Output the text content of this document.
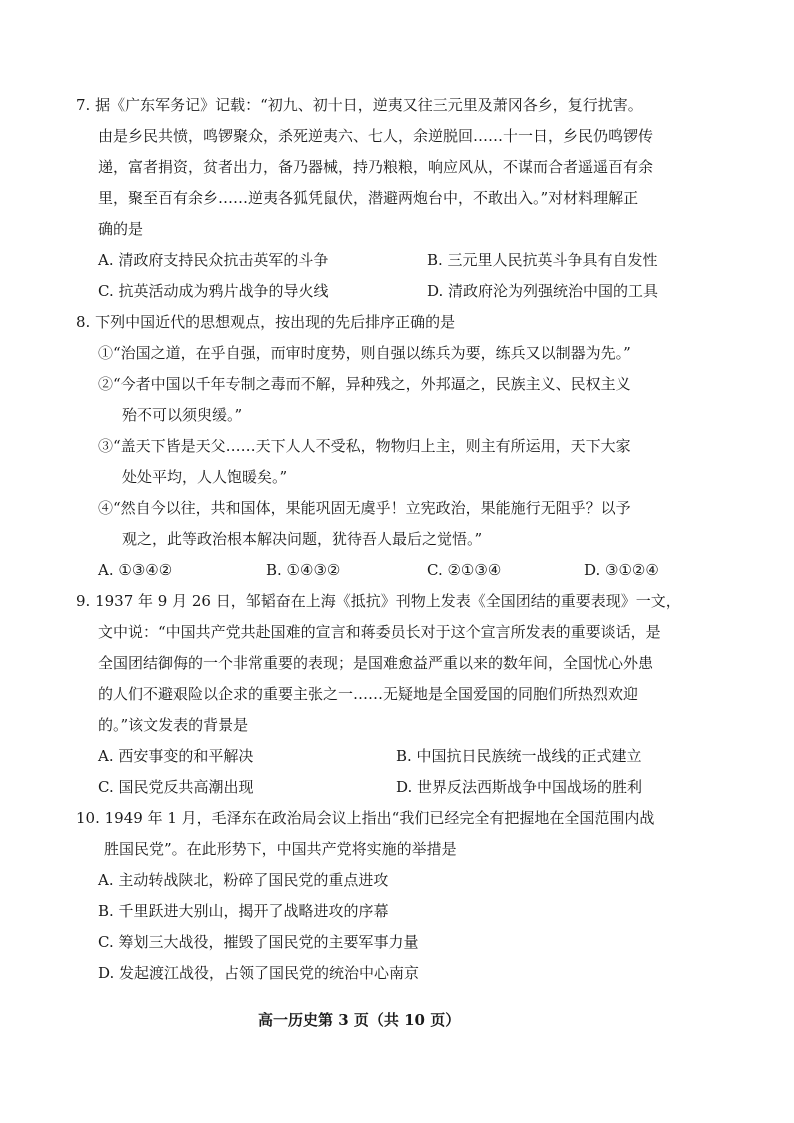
7. 据《广东军务记》记载：“初九、初十日，逆夷又往三元里及萧冈各乡，复行扰害。
由是乡民共愤，鸣锣聚众，杀死逆夷六、七人，余逆脱回……十一日，乡民仍鸣锣传
递，富者捐资，贫者出力，备乃器械，持乃粮粮，响应风从，不谋而合者遥遥百有余
里，聚至百有余乡……逆夷各狐凭鼠伏，潜避两炮台中，不敢出入。”对材料理解正
确的是
A. 清政府支持民众抗击英军的斗争	B. 三元里人民抗英斗争具有自发性
C. 抗英活动成为鸦片战争的导火线	D. 清政府沦为列强统治中国的工具
8. 下列中国近代的思想观点，按出现的先后排序正确的是
①“治国之道，在乎自强，而审时度势，则自强以练兵为要，练兵又以制器为先。”
②“今者中国以千年专制之毒而不解，异种残之，外邦逼之，民族主义、民权主义
殆不可以须臾缓。”
③“盖天下皆是天父……天下人人不受私，物物归上主，则主有所运用，天下大家
处处平均，人人饱暖矣。”
④“然自今以往，共和国体，果能巩固无虞乎！立宪政治，果能施行无阻乎？以予
观之，此等政治根本解决问题，犹待吾人最后之觉悟。”
A. ①③④②	B. ①④③②	C. ②①③④	D. ③①②④
9. 1937 年 9 月 26 日，邹韬奋在上海《抵抗》刊物上发表《全国团结的重要表现》一文，
文中说：“中国共产党共赴国难的宣言和蒋委员长对于这个宣言所发表的重要谈话，是
全国团结御侮的一个非常重要的表现；是国难愈益严重以来的数年间，全国忧心外患
的人们不避艰险以企求的重要主张之一……无疑地是全国爱国的同胞们所热烈欢迎
的。”该文发表的背景是
A. 西安事变的和平解决	B. 中国抗日民族统一战线的正式建立
C. 国民党反共高潮出现	D. 世界反法西斯战争中国战场的胜利
10. 1949 年 1 月，毛泽东在政治局会议上指出“我们已经完全有把握地在全国范围内战
胜国民党”。在此形势下，中国共产党将实施的举措是
A. 主动转战陕北，粉碎了国民党的重点进攻
B. 千里跃进大别山，揭开了战略进攻的序幕
C. 筹划三大战役，摧毁了国民党的主要军事力量
D. 发起渡江战役，占领了国民党的统治中心南京
高一历史第 3 页（共 10 页）
